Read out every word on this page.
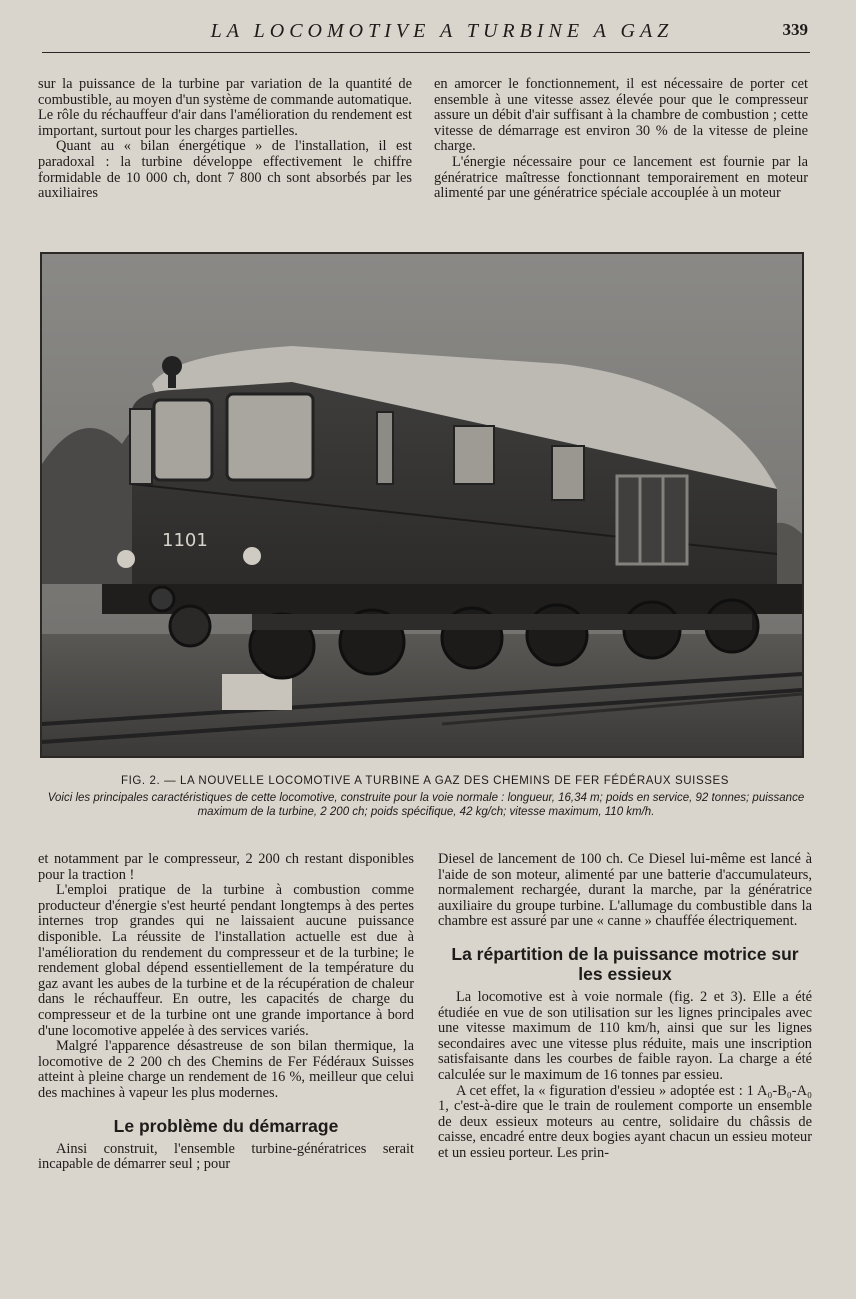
LA LOCOMOTIVE A TURBINE A GAZ	339

sur la puissance de la turbine par variation de la quantité de combustible, au moyen d'un système de commande automatique. Le rôle du réchauffeur d'air dans l'amélioration du rendement est important, surtout pour les charges partielles.

Quant au « bilan énergétique » de l'installation, il est paradoxal : la turbine développe effectivement le chiffre formidable de 10 000 ch, dont 7 800 ch sont absorbés par les auxiliaires

en amorcer le fonctionnement, il est nécessaire de porter cet ensemble à une vitesse assez élevée pour que le compresseur assure un débit d'air suffisant à la chambre de combustion ; cette vitesse de démarrage est environ 30 % de la vitesse de pleine charge.

L'énergie nécessaire pour ce lancement est fournie par la génératrice maîtresse fonctionnant temporairement en moteur alimenté par une génératrice spéciale accouplée à un moteur

1101
FIG. 2. — LA NOUVELLE LOCOMOTIVE A TURBINE A GAZ DES CHEMINS DE FER FÉDÉRAUX SUISSES
Voici les principales caractéristiques de cette locomotive, construite pour la voie normale : longueur, 16,34 m; poids en service, 92 tonnes; puissance maximum de la turbine, 2 200 ch; poids spécifique, 42 kg/ch; vitesse maximum, 110 km/h.

et notamment par le compresseur, 2 200 ch restant disponibles pour la traction !

L'emploi pratique de la turbine à combustion comme producteur d'énergie s'est heurté pendant longtemps à des pertes internes trop grandes qui ne laissaient aucune puissance disponible. La réussite de l'installation actuelle est due à l'amélioration du rendement du compresseur et de la turbine; le rendement global dépend essentiellement de la température du gaz avant les aubes de la turbine et de la récupération de chaleur dans le réchauffeur. En outre, les capacités de charge du compresseur et de la turbine ont une grande importance à bord d'une locomotive appelée à des services variés.

Malgré l'apparence désastreuse de son bilan thermique, la locomotive de 2 200 ch des Chemins de Fer Fédéraux Suisses atteint à pleine charge un rendement de 16 %, meilleur que celui des machines à vapeur les plus modernes.

Le problème du démarrage

Ainsi construit, l'ensemble turbine-génératrices serait incapable de démarrer seul ; pour

Diesel de lancement de 100 ch. Ce Diesel lui-même est lancé à l'aide de son moteur, alimenté par une batterie d'accumulateurs, normalement rechargée, durant la marche, par la génératrice auxiliaire du groupe turbine. L'allumage du combustible dans la chambre est assuré par une « canne » chauffée électriquement.

La répartition de la puissance motrice sur les essieux

La locomotive est à voie normale (fig. 2 et 3). Elle a été étudiée en vue de son utilisation sur les lignes principales avec une vitesse maximum de 110 km/h, ainsi que sur les lignes secondaires avec une vitesse plus réduite, mais une inscription satisfaisante dans les courbes de faible rayon. La charge a été calculée sur le maximum de 16 tonnes par essieu.

A cet effet, la « figuration d'essieu » adoptée est : 1 A₀-B₀-A₀ 1, c'est-à-dire que le train de roulement comporte un ensemble de deux essieux moteurs au centre, solidaire du châssis de caisse, encadré entre deux bogies ayant chacun un essieu moteur et un essieu porteur. Les prin-
